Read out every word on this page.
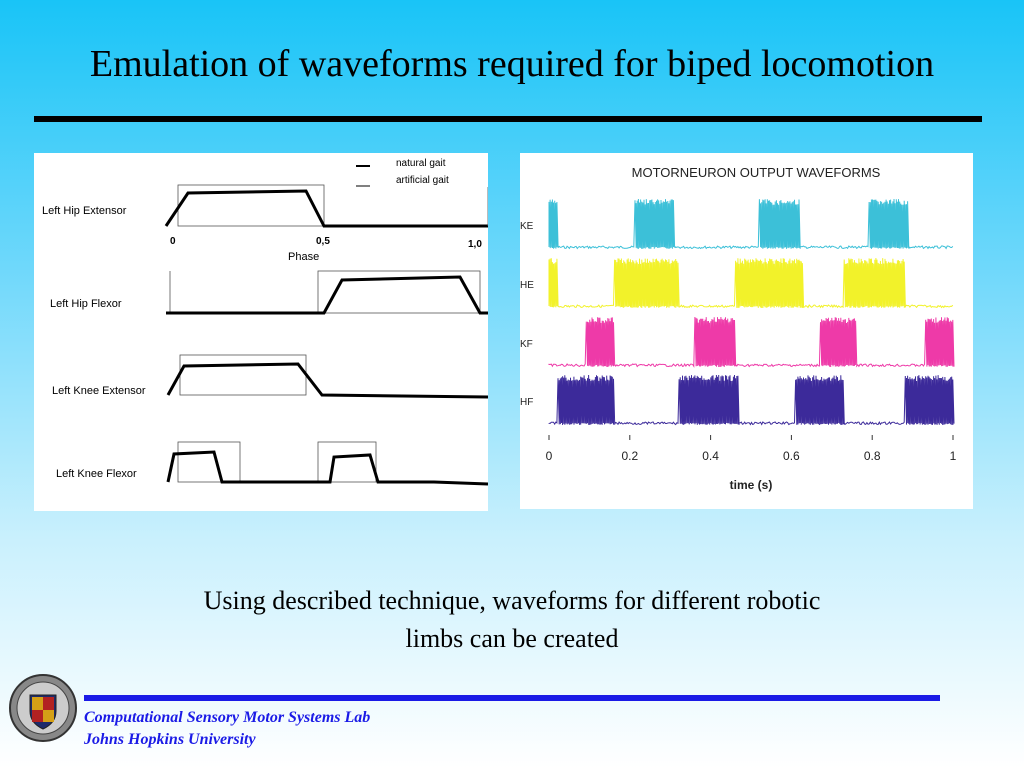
Emulation of waveforms required for biped locomotion
natural gait
artificial gait
Left Hip Extensor
0	0,5	1,0
Phase
Left Hip Flexor
Left Knee Extensor
Left Knee Flexor
MOTORNEURON OUTPUT WAVEFORMS
KE
HE
KF
HF
0	0.2	0.4	0.6	0.8	1
time (s)
Using described technique, waveforms for different robotic
limbs can be created
Computational Sensory Motor Systems Lab
Johns Hopkins University
